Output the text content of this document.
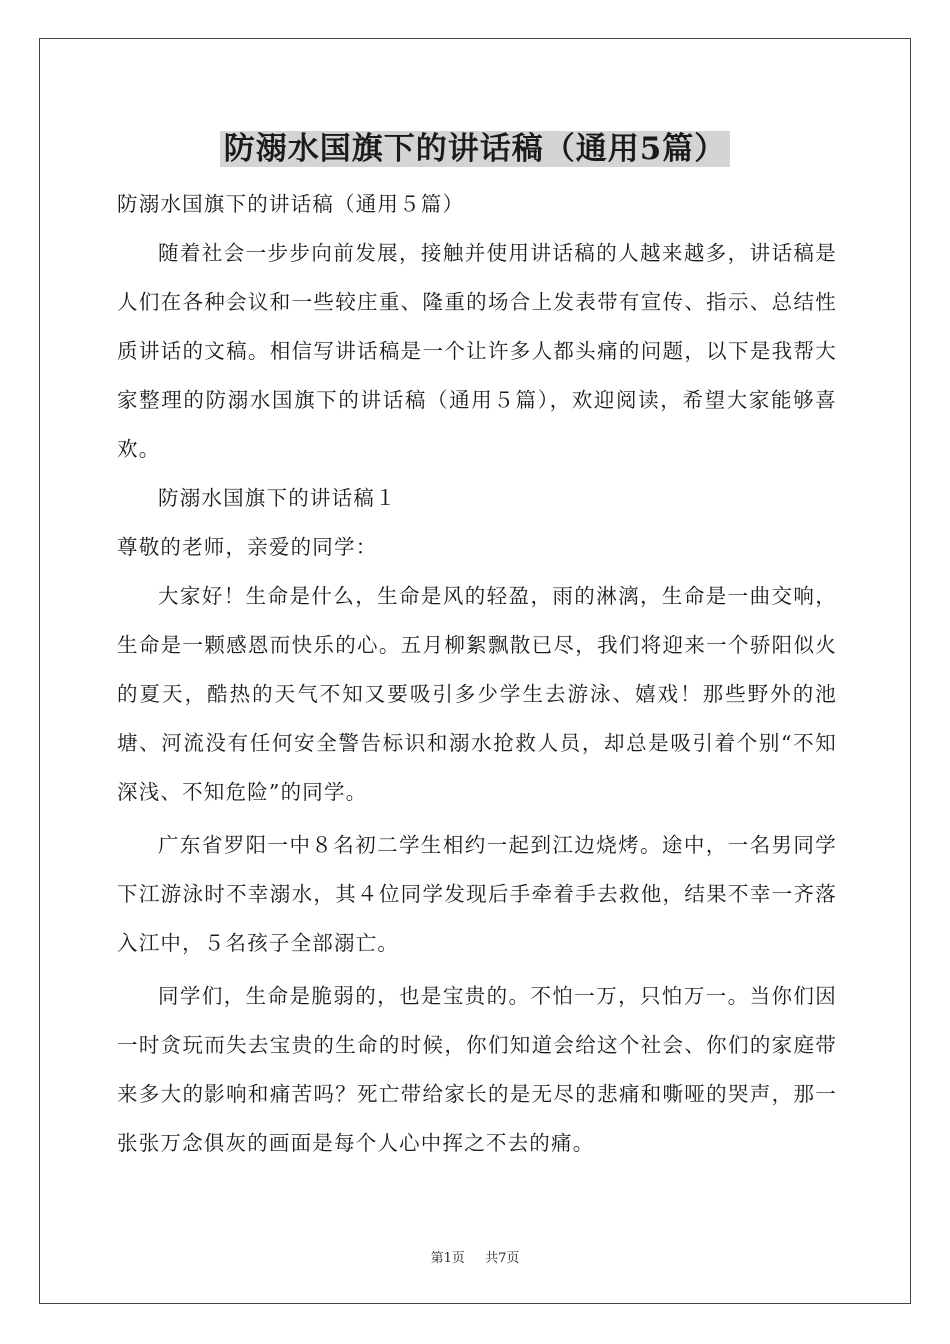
防溺水国旗下的讲话稿（通用5篇）

防溺水国旗下的讲话稿（通用５篇）

随着社会一步步向前发展，接触并使用讲话稿的人越来越多，讲话稿是人们在各种会议和一些较庄重、隆重的场合上发表带有宣传、指示、总结性质讲话的文稿。相信写讲话稿是一个让许多人都头痛的问题，以下是我帮大家整理的防溺水国旗下的讲话稿（通用５篇），欢迎阅读，希望大家能够喜欢。

防溺水国旗下的讲话稿１

尊敬的老师，亲爱的同学：

大家好！生命是什么，生命是风的轻盈，雨的淋漓，生命是一曲交响，生命是一颗感恩而快乐的心。五月柳絮飘散已尽，我们将迎来一个骄阳似火的夏天，酷热的天气不知又要吸引多少学生去游泳、嬉戏！那些野外的池塘、河流没有任何安全警告标识和溺水抢救人员，却总是吸引着个别“不知深浅、不知危险”的同学。

广东省罗阳一中８名初二学生相约一起到江边烧烤。途中，一名男同学下江游泳时不幸溺水，其４位同学发现后手牵着手去救他，结果不幸一齐落入江中，５名孩子全部溺亡。

同学们，生命是脆弱的，也是宝贵的。不怕一万，只怕万一。当你们因一时贪玩而失去宝贵的生命的时候，你们知道会给这个社会、你们的家庭带来多大的影响和痛苦吗？死亡带给家长的是无尽的悲痛和嘶哑的哭声，那一张张万念俱灰的画面是每个人心中挥之不去的痛。

第1页 共7页
